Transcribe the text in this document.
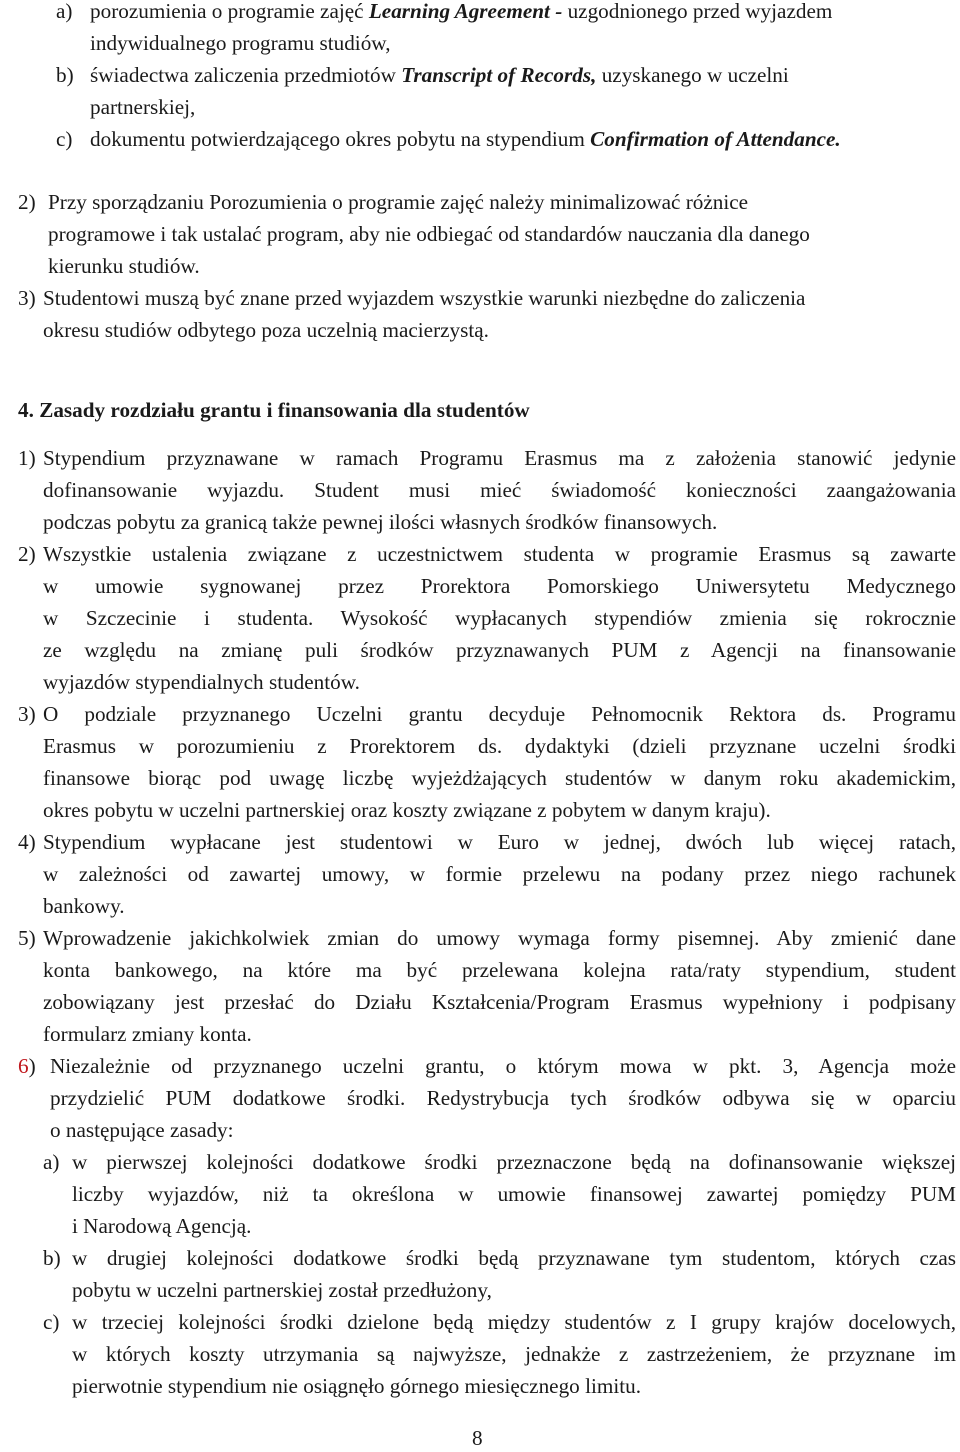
a) porozumienia o programie zajęć Learning Agreement - uzgodnionego przed wyjazdem
indywidualnego programu studiów,
b) świadectwa zaliczenia przedmiotów Transcript of Records, uzyskanego w uczelni
partnerskiej,
c) dokumentu potwierdzającego okres pobytu na stypendium Confirmation of Attendance.
2) Przy sporządzaniu Porozumienia o programie zajęć należy minimalizować różnice
programowe i tak ustalać program, aby nie odbiegać od standardów nauczania dla danego
kierunku studiów.
3) Studentowi muszą być znane przed wyjazdem wszystkie warunki niezbędne do zaliczenia
okresu studiów odbytego poza uczelnią macierzystą.
4. Zasady rozdziału grantu i finansowania dla studentów
1) Stypendium przyznawane w ramach Programu Erasmus ma z założenia stanowić jedynie
dofinansowanie wyjazdu. Student musi mieć świadomość konieczności zaangażowania
podczas pobytu za granicą także pewnej ilości własnych środków finansowych.
2) Wszystkie ustalenia związane z uczestnictwem studenta w programie Erasmus są zawarte
w umowie sygnowanej przez Prorektora Pomorskiego Uniwersytetu Medycznego
w Szczecinie i studenta. Wysokość wypłacanych stypendiów zmienia się rokrocznie
ze względu na zmianę puli środków przyznawanych PUM z Agencji na finansowanie
wyjazdów stypendialnych studentów.
3) O podziale przyznanego Uczelni grantu decyduje Pełnomocnik Rektora ds. Programu
Erasmus w porozumieniu z Prorektorem ds. dydaktyki (dzieli przyznane uczelni środki
finansowe biorąc pod uwagę liczbę wyjeżdżających studentów w danym roku akademickim,
okres pobytu w uczelni partnerskiej oraz koszty związane z pobytem w danym kraju).
4) Stypendium wypłacane jest studentowi w Euro w jednej, dwóch lub więcej ratach,
w zależności od zawartej umowy, w formie przelewu na podany przez niego rachunek
bankowy.
5) Wprowadzenie jakichkolwiek zmian do umowy wymaga formy pisemnej. Aby zmienić dane
konta bankowego, na które ma być przelewana kolejna rata/raty stypendium, student
zobowiązany jest przesłać do Działu Kształcenia/Program Erasmus wypełniony i podpisany
formularz zmiany konta.
6) Niezależnie od przyznanego uczelni grantu, o którym mowa w pkt. 3, Agencja może
przydzielić PUM dodatkowe środki. Redystrybucja tych środków odbywa się w oparciu
o następujące zasady:
a) w pierwszej kolejności dodatkowe środki przeznaczone będą na dofinansowanie większej
liczby wyjazdów, niż ta określona w umowie finansowej zawartej pomiędzy PUM
i Narodową Agencją.
b) w drugiej kolejności dodatkowe środki będą przyznawane tym studentom, których czas
pobytu w uczelni partnerskiej został przedłużony,
c) w trzeciej kolejności środki dzielone będą między studentów z I grupy krajów docelowych,
w których koszty utrzymania są najwyższe, jednakże z zastrzeżeniem, że przyznane im
pierwotnie stypendium nie osiągnęło górnego miesięcznego limitu.
8
